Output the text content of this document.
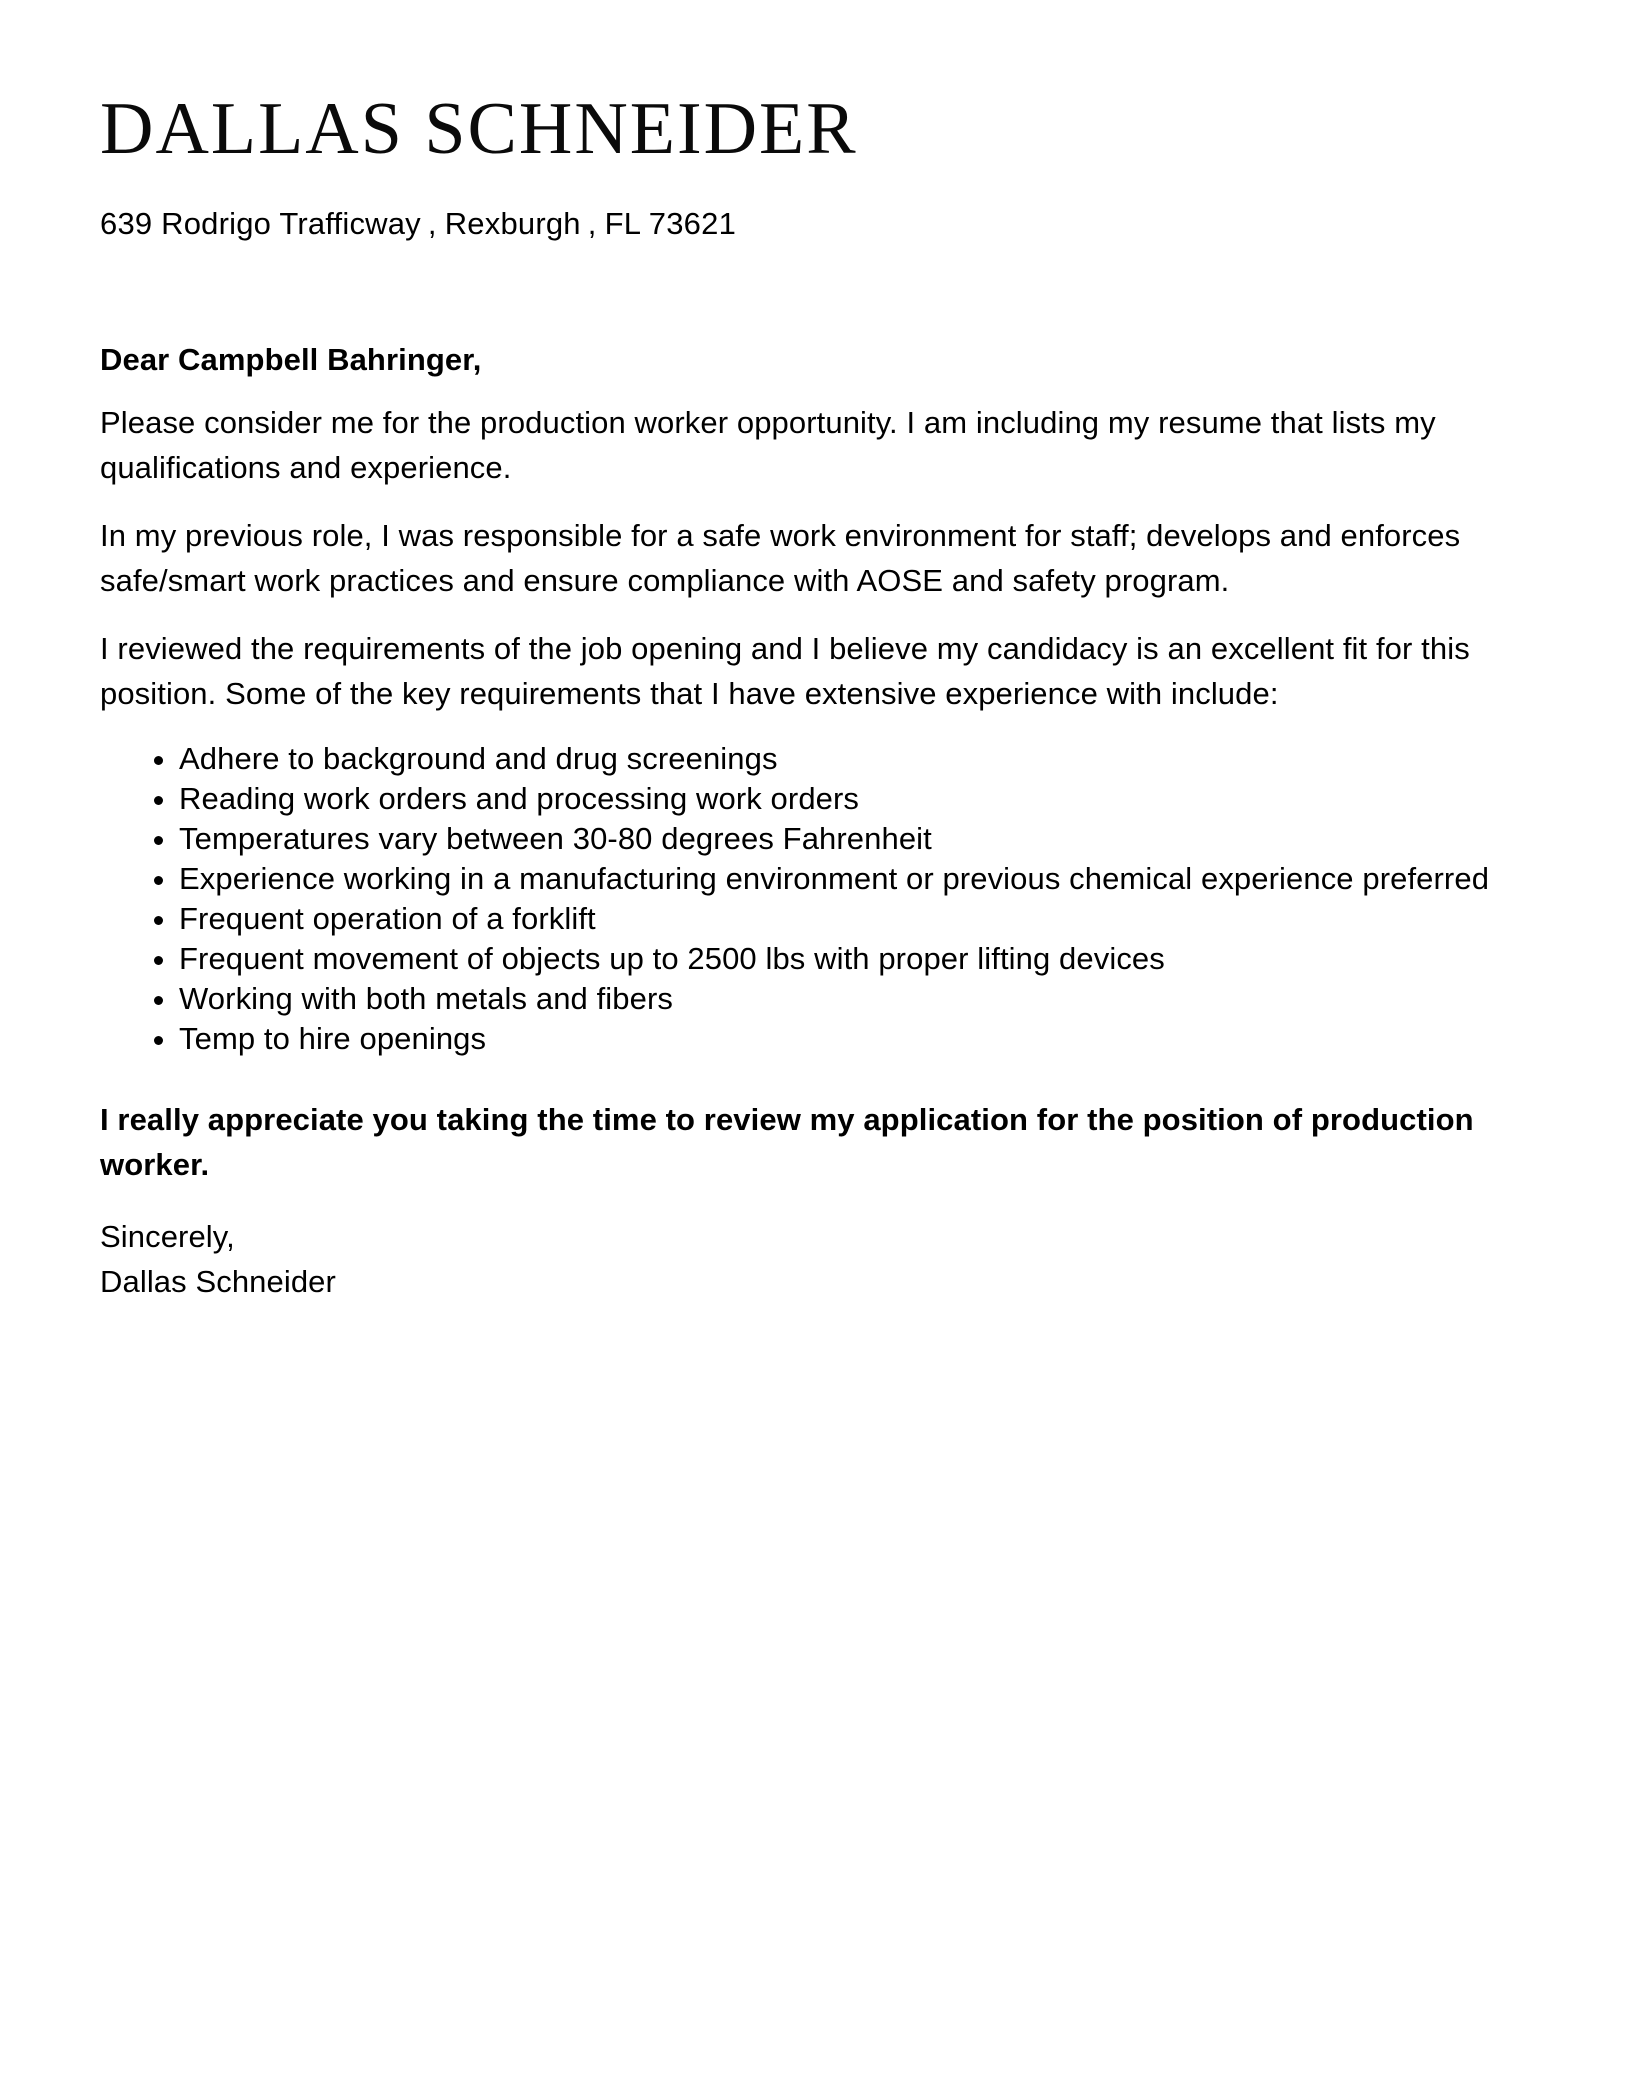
DALLAS SCHNEIDER

639 Rodrigo Trafficway , Rexburgh , FL 73621

Dear Campbell Bahringer,

Please consider me for the production worker opportunity. I am including my resume that lists my qualifications and experience.

In my previous role, I was responsible for a safe work environment for staff; develops and enforces safe/smart work practices and ensure compliance with AOSE and safety program.

I reviewed the requirements of the job opening and I believe my candidacy is an excellent fit for this position. Some of the key requirements that I have extensive experience with include:

• Adhere to background and drug screenings
• Reading work orders and processing work orders
• Temperatures vary between 30-80 degrees Fahrenheit
• Experience working in a manufacturing environment or previous chemical experience preferred
• Frequent operation of a forklift
• Frequent movement of objects up to 2500 lbs with proper lifting devices
• Working with both metals and fibers
• Temp to hire openings

I really appreciate you taking the time to review my application for the position of production worker.

Sincerely,
Dallas Schneider
